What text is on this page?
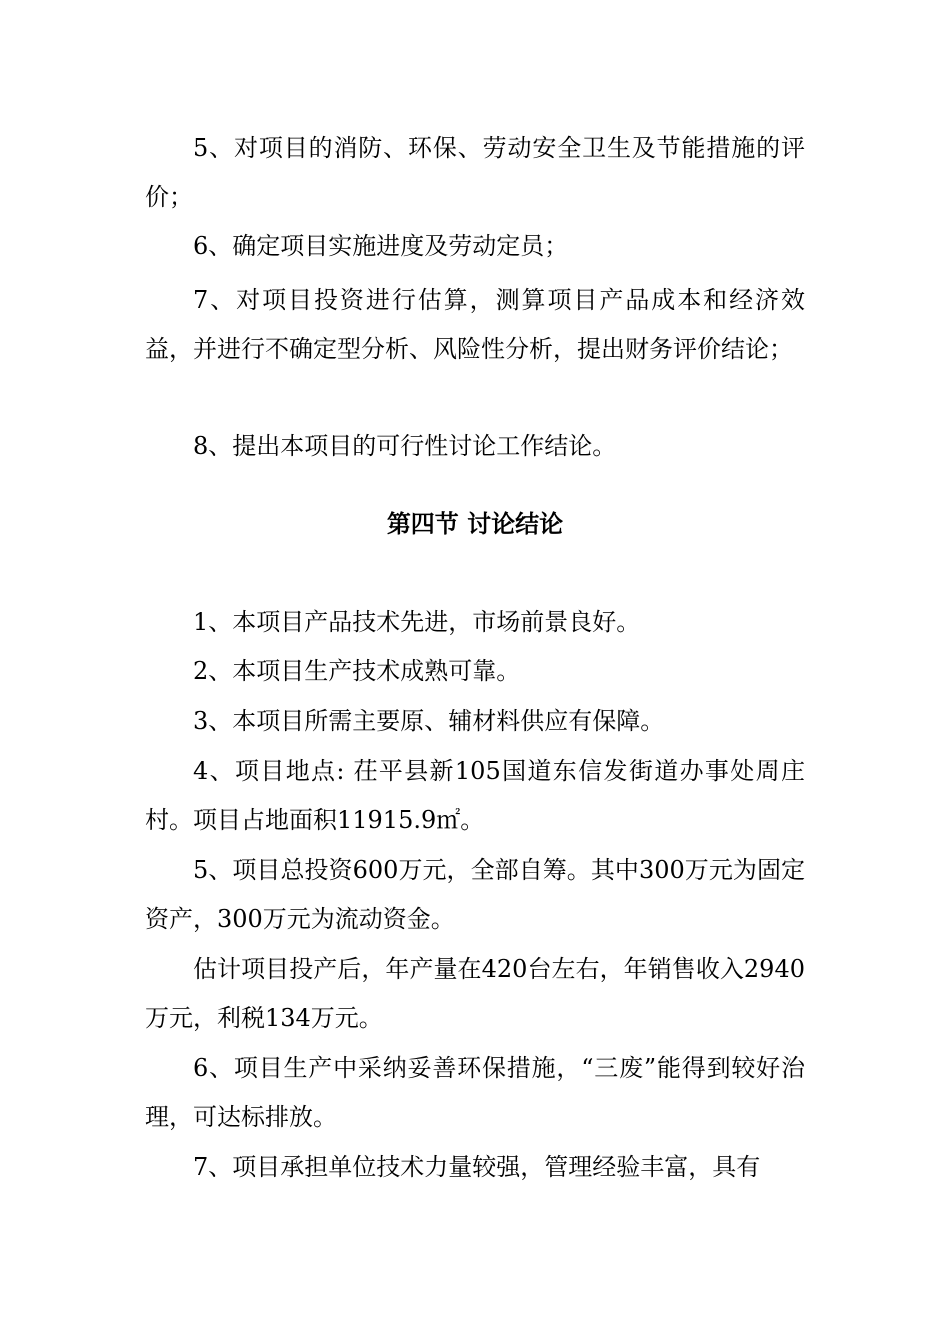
5、对项目的消防、环保、劳动安全卫生及节能措施的评价；

6、确定项目实施进度及劳动定员；

7、对项目投资进行估算，测算项目产品成本和经济效益，并进行不确定型分析、风险性分析，提出财务评价结论；

8、提出本项目的可行性讨论工作结论。

第四节 讨论结论

1、本项目产品技术先进，市场前景良好。

2、本项目生产技术成熟可靠。

3、本项目所需主要原、辅材料供应有保障。

4、项目地点: 茌平县新105国道东信发街道办事处周庄村。项目占地面积11915.9㎡。

5、项目总投资600万元，全部自筹。其中300万元为固定资产，300万元为流动资金。

估计项目投产后，年产量在420台左右，年销售收入2940万元，利税134万元。

6、项目生产中采纳妥善环保措施，“三废”能得到较好治理，可达标排放。

7、项目承担单位技术力量较强，管理经验丰富，具有
